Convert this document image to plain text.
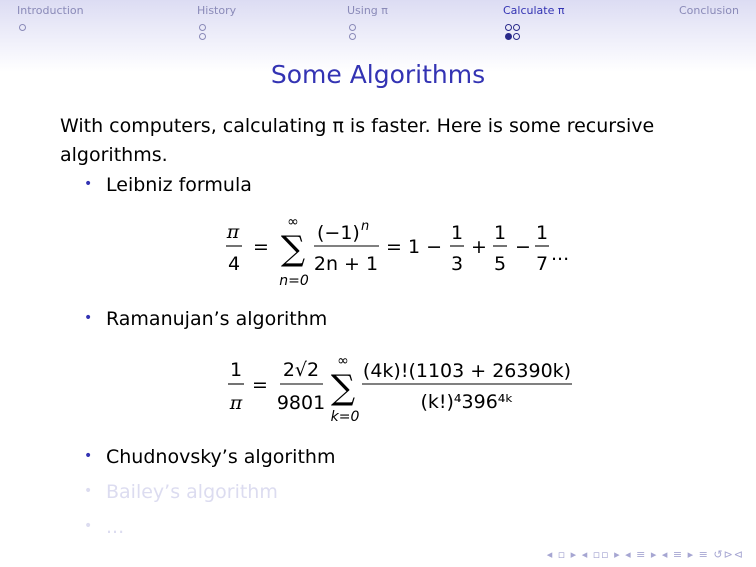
Introduction	History	Using π	Calculate π	Conclusion
Some Algorithms
With computers, calculating π is faster. Here is some recursive algorithms.
• Leibniz formula
π
4
=
∞
∑
n=0
(−1) n
2n + 1
= 1 −
1
3
+
1
5
−
1
7 ...
• Ramanujan’s algorithm
1
π
=
2√2
9801
∞
∑
k=0
(4k)!(1103 + 26390k)
(k!)⁴396⁴ᵏ
• Chudnovsky’s algorithm
• Bailey’s algorithm
• ...
◂ ▫ ▸ ◂ ▫▫ ▸ ◂ ≡ ▸ ◂ ≡ ▸ ≡ ↺⊳⊲
